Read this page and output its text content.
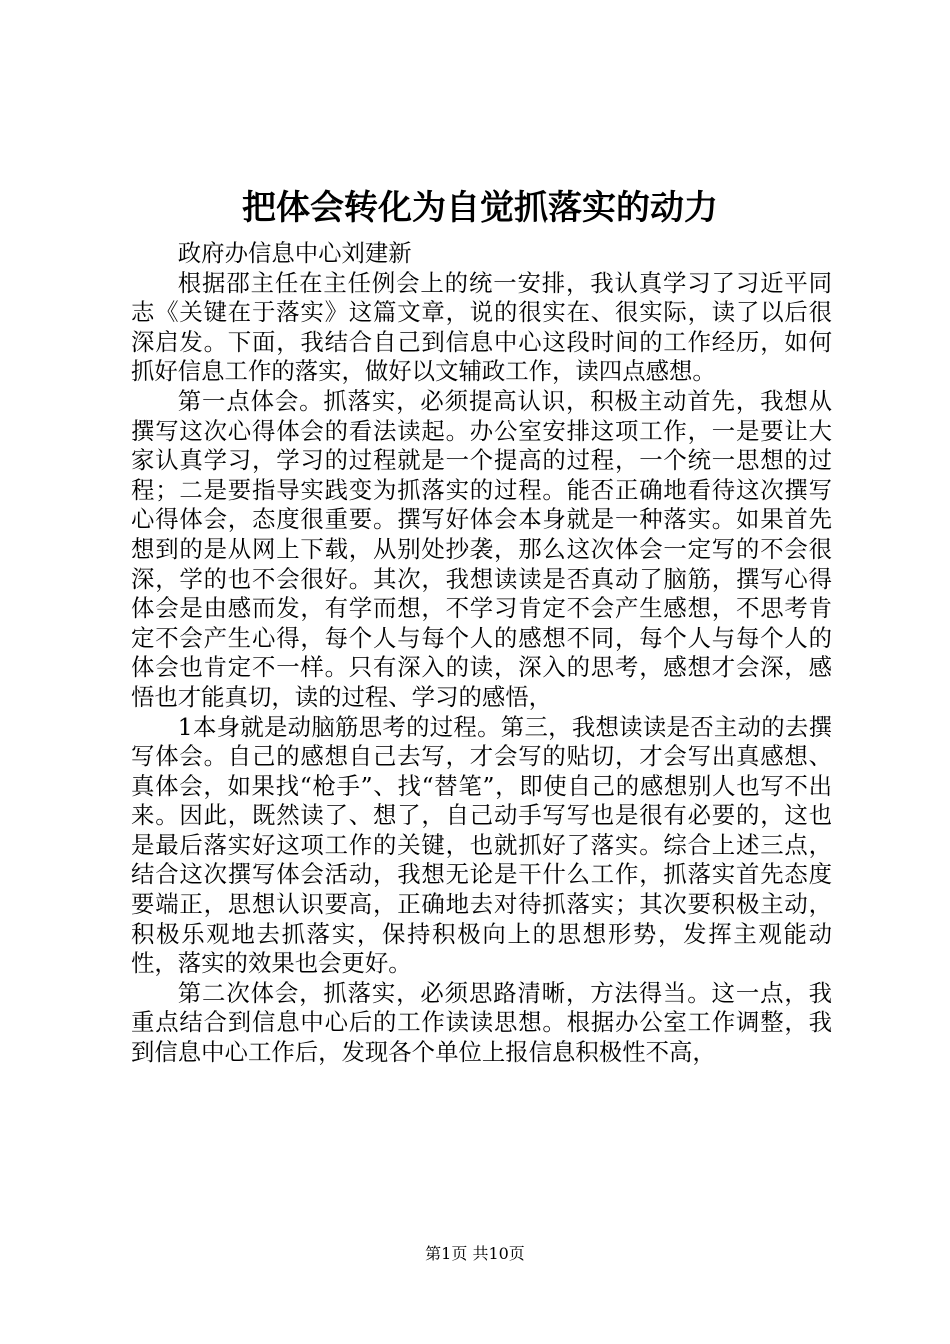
把体会转化为自觉抓落实的动力

政府办信息中心刘建新

根据邵主任在主任例会上的统一安排，我认真学习了习近平同志《关键在于落实》这篇文章，说的很实在、很实际，读了以后很深启发。下面，我结合自己到信息中心这段时间的工作经历，如何抓好信息工作的落实，做好以文辅政工作，读四点感想。

第一点体会。抓落实，必须提高认识，积极主动首先，我想从撰写这次心得体会的看法读起。办公室安排这项工作，一是要让大家认真学习，学习的过程就是一个提高的过程，一个统一思想的过程；二是要指导实践变为抓落实的过程。能否正确地看待这次撰写心得体会，态度很重要。撰写好体会本身就是一种落实。如果首先想到的是从网上下载，从别处抄袭，那么这次体会一定写的不会很深，学的也不会很好。其次，我想读读是否真动了脑筋，撰写心得体会是由感而发，有学而想，不学习肯定不会产生感想，不思考肯定不会产生心得，每个人与每个人的感想不同，每个人与每个人的体会也肯定不一样。只有深入的读，深入的思考，感想才会深，感悟也才能真切，读的过程、学习的感悟，

1本身就是动脑筋思考的过程。第三，我想读读是否主动的去撰写体会。自己的感想自己去写，才会写的贴切，才会写出真感想、真体会，如果找“枪手”、找“替笔”，即使自己的感想别人也写不出来。因此，既然读了、想了，自己动手写写也是很有必要的，这也是最后落实好这项工作的关键，也就抓好了落实。综合上述三点，结合这次撰写体会活动，我想无论是干什么工作，抓落实首先态度要端正，思想认识要高，正确地去对待抓落实；其次要积极主动，积极乐观地去抓落实，保持积极向上的思想形势，发挥主观能动性，落实的效果也会更好。

第二次体会，抓落实，必须思路清晰，方法得当。这一点，我重点结合到信息中心后的工作读读思想。根据办公室工作调整，我到信息中心工作后，发现各个单位上报信息积极性不高，

第1页 共10页
